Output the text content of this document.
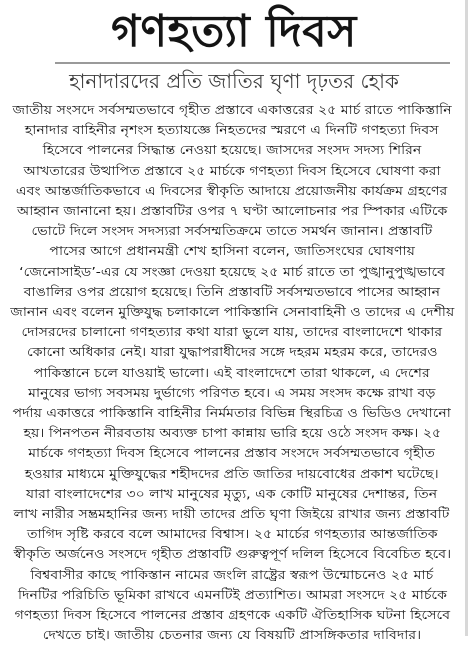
গণহত্যা দিবস
হানাদারদের প্রতি জাতির ঘৃণা দৃঢ়তর হোক
জাতীয় সংসদে সর্বসম্মতভাবে গৃহীত প্রস্তাবে একাত্তরের ২৫ মার্চ রাতে পাকিস্তানি
হানাদার বাহিনীর নৃশংস হত্যাযজ্ঞে নিহতদের স্মরণে এ দিনটি গণহত্যা দিবস
হিসেবে পালনের সিদ্ধান্ত নেওয়া হয়েছে। জাসদের সংসদ সদস্য শিরিন
আখতারের উত্থাপিত প্রস্তাবে ২৫ মার্চকে গণহত্যা দিবস হিসেবে ঘোষণা করা
এবং আন্তর্জাতিকভাবে এ দিবসের স্বীকৃতি আদায়ে প্রয়োজনীয় কার্যক্রম গ্রহণের
আহ্বান জানানো হয়। প্রস্তাবটির ওপর ৭ ঘণ্টা আলোচনার পর স্পিকার এটিকে
ভোটে দিলে সংসদ সদস্যরা সর্বসম্মতিক্রমে তাতে সমর্থন জানান। প্রস্তাবটি
পাসের আগে প্রধানমন্ত্রী শেখ হাসিনা বলেন, জাতিসংঘের ঘোষণায়
‘জেনোসাইড’-এর যে সংজ্ঞা দেওয়া হয়েছে ২৫ মার্চ রাতে তা পুঙ্খানুপুঙ্খভাবে
বাঙালির ওপর প্রয়োগ হয়েছে। তিনি প্রস্তাবটি সর্বসম্মতভাবে পাসের আহ্বান
জানান এবং বলেন মুক্তিযুদ্ধ চলাকালে পাকিস্তানি সেনাবাহিনী ও তাদের এ দেশীয়
দোসরদের চালানো গণহত্যার কথা যারা ভুলে যায়, তাদের বাংলাদেশে থাকার
কোনো অধিকার নেই। যারা যুদ্ধাপরাধীদের সঙ্গে দহরম মহরম করে, তাদেরও
পাকিস্তানে চলে যাওয়াই ভালো। এই বাংলাদেশে তারা থাকলে, এ দেশের
মানুষের ভাগ্য সবসময় দুর্ভাগ্যে পরিণত হবে। এ সময় সংসদ কক্ষে রাখা বড়
পর্দায় একাত্তরে পাকিস্তানি বাহিনীর নির্মমতার বিভিন্ন স্থিরচিত্র ও ভিডিও দেখানো
হয়। পিনপতন নীরবতায় অব্যক্ত চাপা কান্নায় ভারি হয়ে ওঠে সংসদ কক্ষ। ২৫
মার্চকে গণহত্যা দিবস হিসেবে পালনের প্রস্তাব সংসদে সর্বসম্মতভাবে গৃহীত
হওয়ার মাধ্যমে মুক্তিযুদ্ধের শহীদদের প্রতি জাতির দায়বোধের প্রকাশ ঘটেছে।
যারা বাংলাদেশের ৩০ লাখ মানুষের মৃত্যু, এক কোটি মানুষের দেশান্তর, তিন
লাখ নারীর সম্ভ্রমহানির জন্য দায়ী তাদের প্রতি ঘৃণা জিইয়ে রাখার জন্য প্রস্তাবটি
তাগিদ সৃষ্টি করবে বলে আমাদের বিশ্বাস। ২৫ মার্চের গণহত্যার আন্তর্জাতিক
স্বীকৃতি অর্জনেও সংসদে গৃহীত প্রস্তাবটি গুরুত্বপূর্ণ দলিল হিসেবে বিবেচিত হবে।
বিশ্ববাসীর কাছে পাকিস্তান নামের জংলি রাষ্ট্রের স্বরূপ উন্মোচনেও ২৫ মার্চ
দিনটির পরিচিতি ভূমিকা রাখবে এমনটিই প্রত্যাশিত। আমরা সংসদে ২৫ মার্চকে
গণহত্যা দিবস হিসেবে পালনের প্রস্তাব গ্রহণকে একটি ঐতিহাসিক ঘটনা হিসেবে
দেখতে চাই। জাতীয় চেতনার জন্য যে বিষয়টি প্রাসঙ্গিকতার দাবিদার।
